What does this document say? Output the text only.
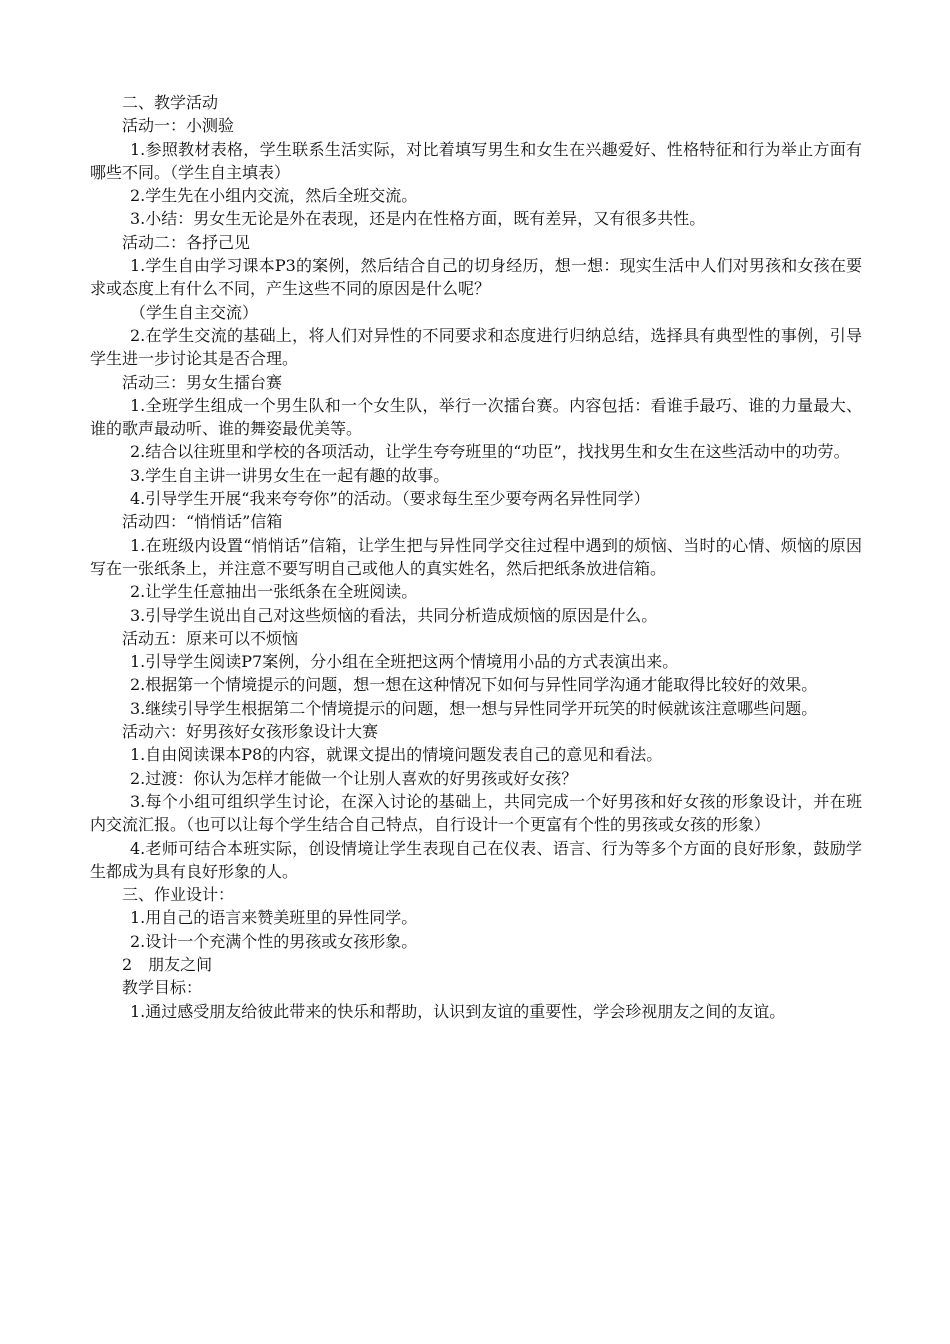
二、教学活动

活动一：小测验

1.参照教材表格，学生联系生活实际，对比着填写男生和女生在兴趣爱好、性格特征和行为举止方面有哪些不同。（学生自主填表）

2.学生先在小组内交流，然后全班交流。

3.小结：男女生无论是外在表现，还是内在性格方面，既有差异，又有很多共性。

活动二：各抒己见

1.学生自由学习课本P3的案例，然后结合自己的切身经历，想一想：现实生活中人们对男孩和女孩在要求或态度上有什么不同，产生这些不同的原因是什么呢？

（学生自主交流）

2.在学生交流的基础上，将人们对异性的不同要求和态度进行归纳总结，选择具有典型性的事例，引导学生进一步讨论其是否合理。

活动三：男女生擂台赛

1.全班学生组成一个男生队和一个女生队，举行一次擂台赛。内容包括：看谁手最巧、谁的力量最大、谁的歌声最动听、谁的舞姿最优美等。

2.结合以往班里和学校的各项活动，让学生夸夸班里的“功臣”，找找男生和女生在这些活动中的功劳。

3.学生自主讲一讲男女生在一起有趣的故事。

4.引导学生开展“我来夸夸你”的活动。（要求每生至少要夸两名异性同学）

活动四：“悄悄话”信箱

1.在班级内设置“悄悄话”信箱，让学生把与异性同学交往过程中遇到的烦恼、当时的心情、烦恼的原因写在一张纸条上，并注意不要写明自己或他人的真实姓名，然后把纸条放进信箱。

2.让学生任意抽出一张纸条在全班阅读。

3.引导学生说出自己对这些烦恼的看法，共同分析造成烦恼的原因是什么。

活动五：原来可以不烦恼

1.引导学生阅读P7案例，分小组在全班把这两个情境用小品的方式表演出来。

2.根据第一个情境提示的问题，想一想在这种情况下如何与异性同学沟通才能取得比较好的效果。

3.继续引导学生根据第二个情境提示的问题，想一想与异性同学开玩笑的时候就该注意哪些问题。

活动六：好男孩好女孩形象设计大赛

1.自由阅读课本P8的内容，就课文提出的情境问题发表自己的意见和看法。

2.过渡：你认为怎样才能做一个让别人喜欢的好男孩或好女孩？

3.每个小组可组织学生讨论，在深入讨论的基础上，共同完成一个好男孩和好女孩的形象设计，并在班内交流汇报。（也可以让每个学生结合自己特点，自行设计一个更富有个性的男孩或女孩的形象）

4.老师可结合本班实际，创设情境让学生表现自己在仪表、语言、行为等多个方面的良好形象，鼓励学生都成为具有良好形象的人。

三、作业设计：

1.用自己的语言来赞美班里的异性同学。

2.设计一个充满个性的男孩或女孩形象。

2　朋友之间

教学目标：

1.通过感受朋友给彼此带来的快乐和帮助，认识到友谊的重要性，学会珍视朋友之间的友谊。
